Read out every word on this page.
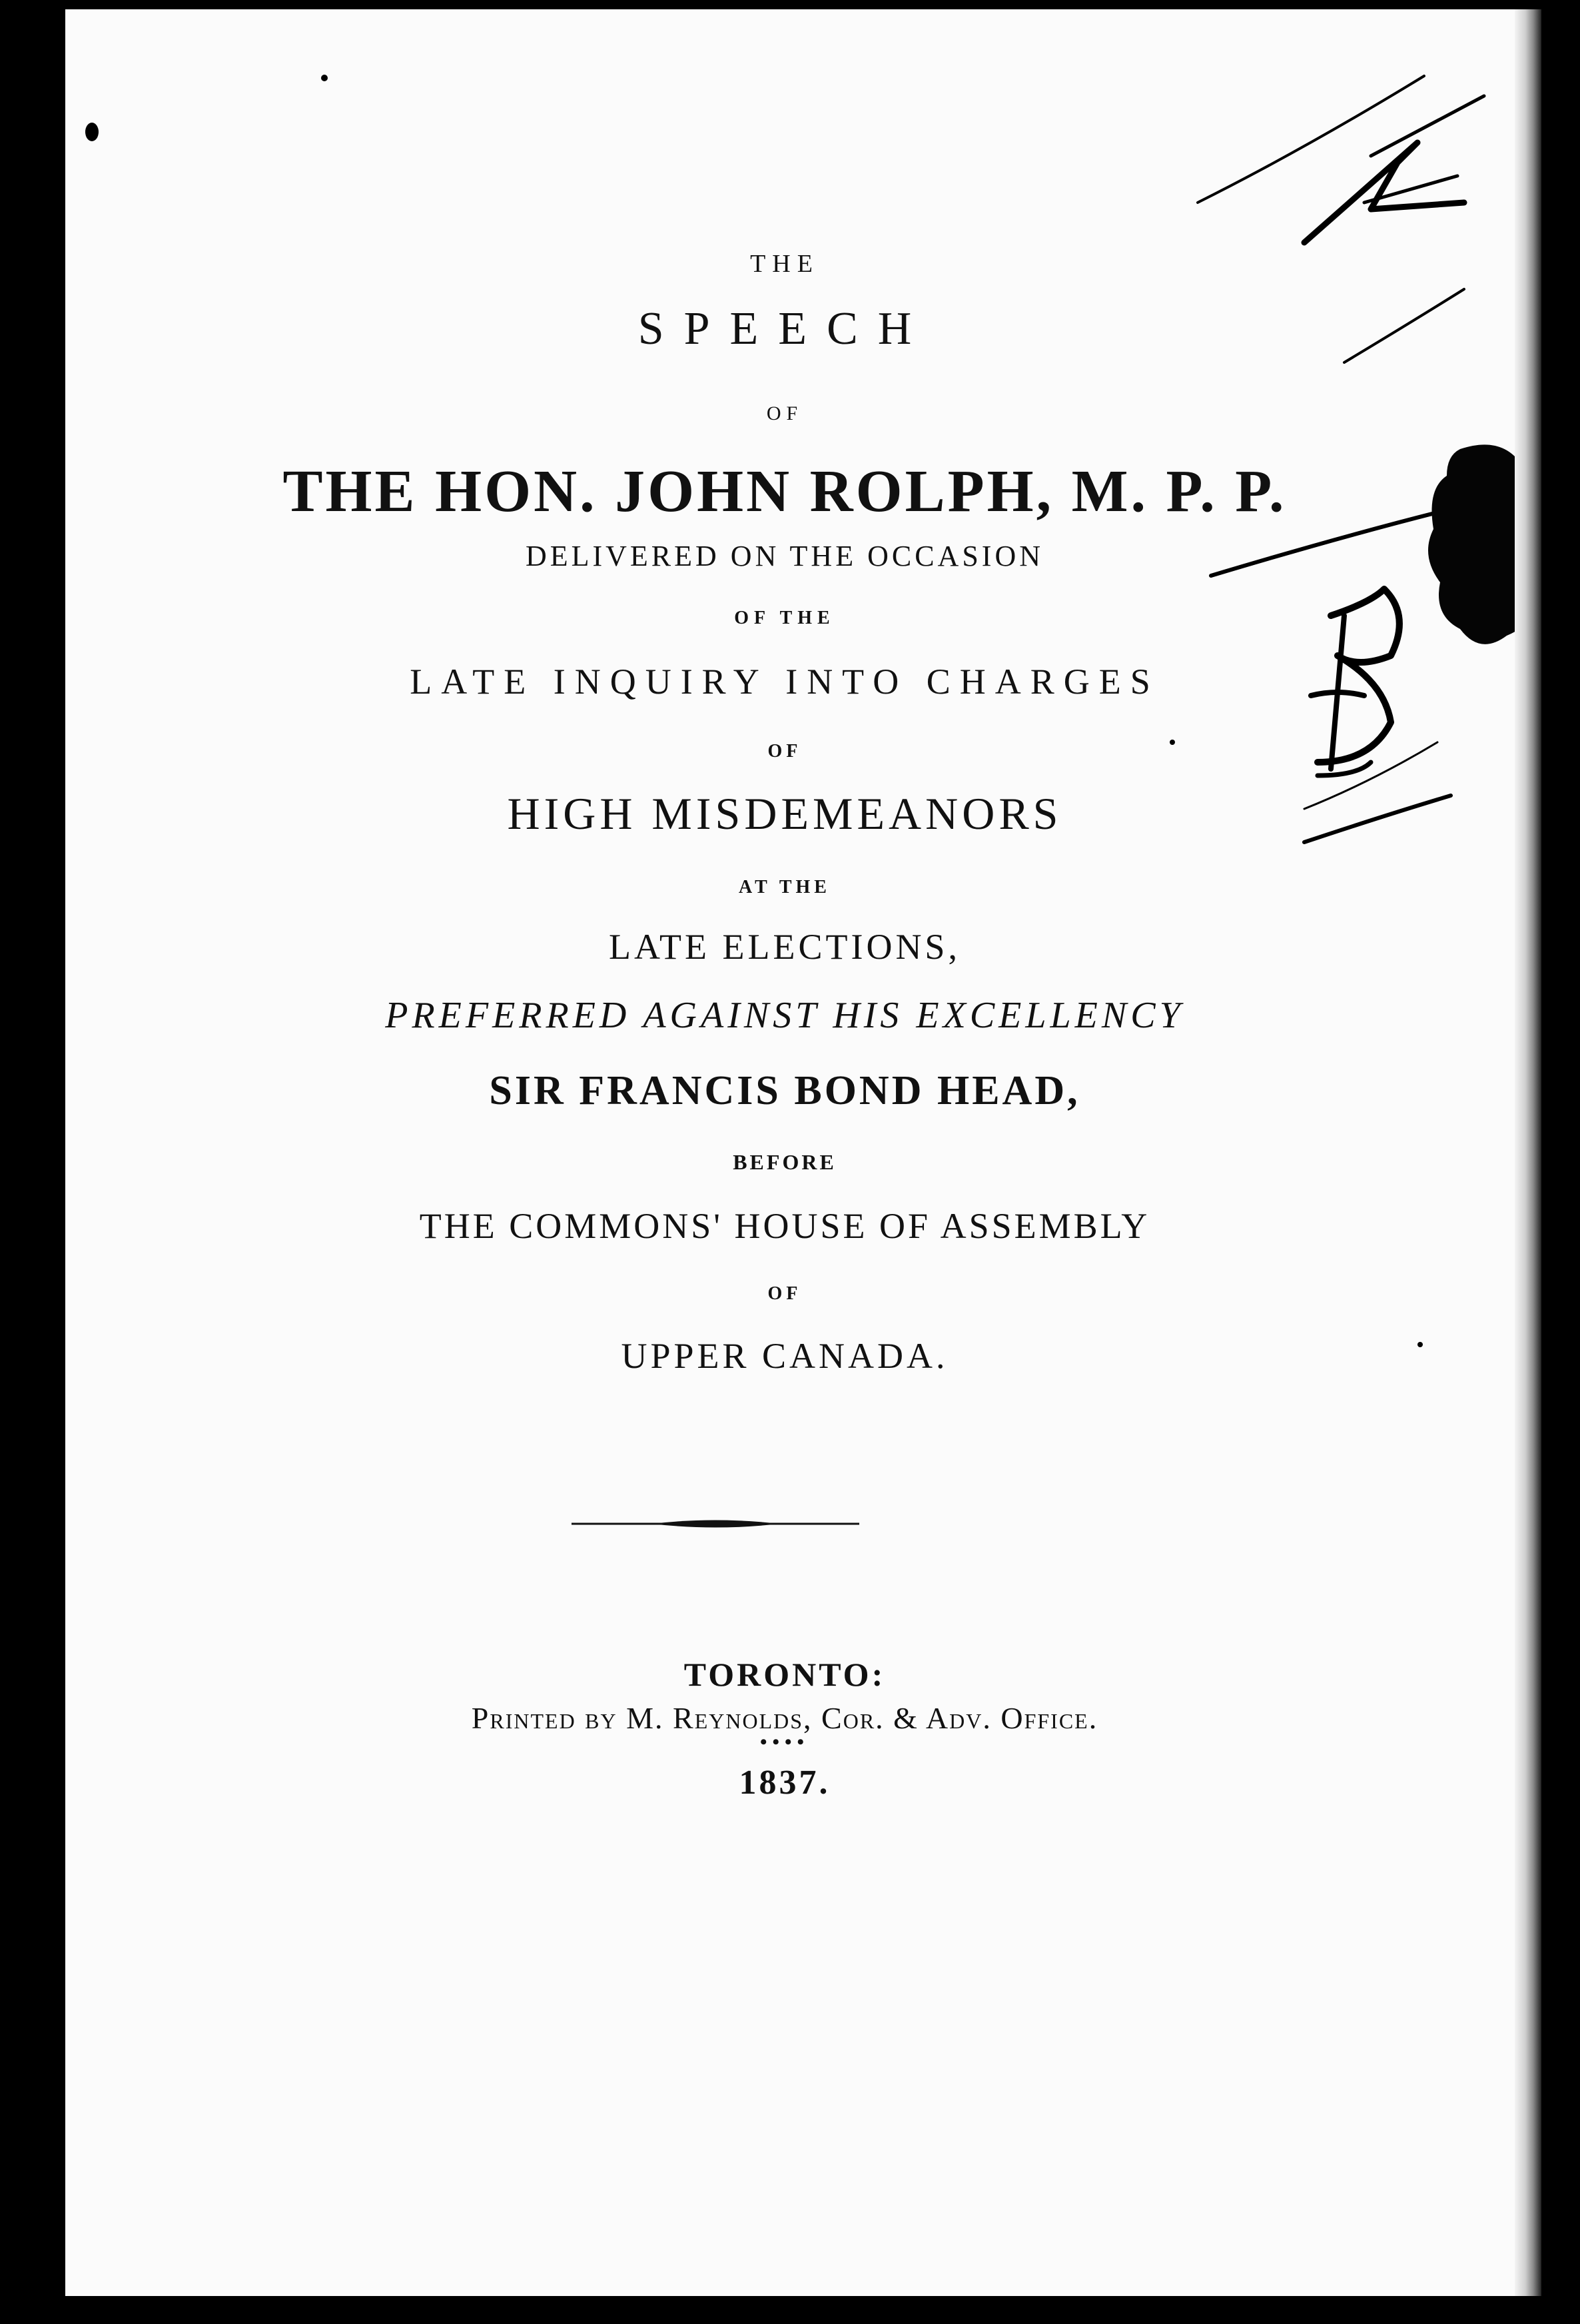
THE
SPEECH
OF
THE HON. JOHN ROLPH, M. P. P.
DELIVERED ON THE OCCASION
OF THE
LATE INQUIRY INTO CHARGES
OF
HIGH MISDEMEANORS
AT THE
LATE ELECTIONS,
PREFERRED AGAINST HIS EXCELLENCY
SIR FRANCIS BOND HEAD,
BEFORE
THE COMMONS' HOUSE OF ASSEMBLY
OF
UPPER CANADA.
TORONTO:
Printed by M. Reynolds, Cor. & Adv. Office.
••••
1837.
